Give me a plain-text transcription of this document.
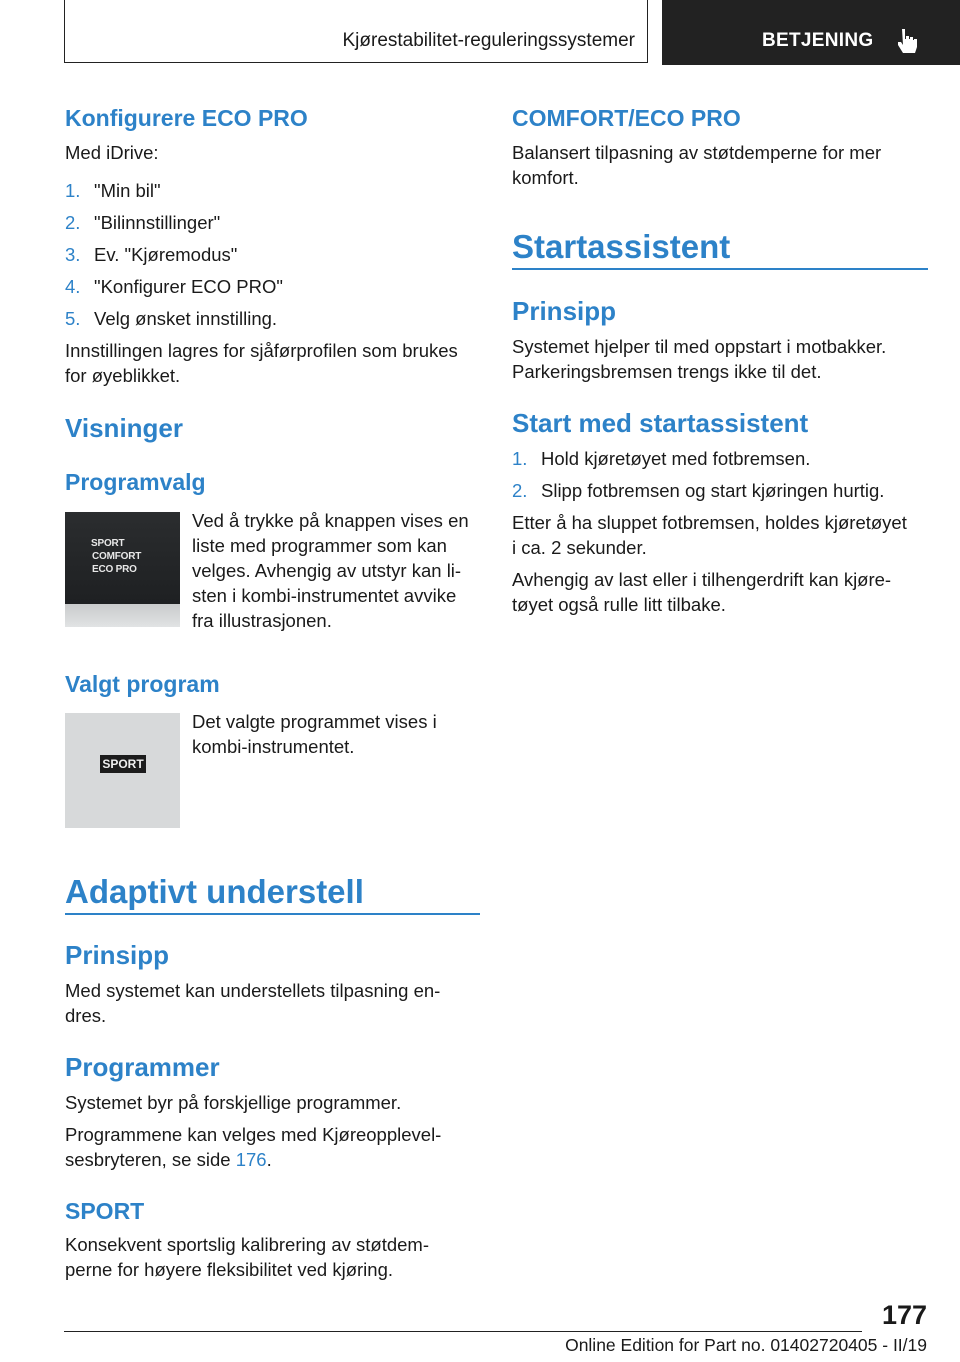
Kjørestabilitet-reguleringssystemer	BETJENING
Konfigurere ECO PRO

Med iDrive:

1. "Min bil"
2. "Bilinnstillinger"
3. Ev. "Kjøremodus"
4. "Konfigurer ECO PRO"
5. Velg ønsket innstilling.

Innstillingen lagres for sjåførprofilen som brukes

for øyeblikket.

Visninger
Programvalg
SPORT
COMFORT
ECO PRO

Ved å trykke på knappen vises en

liste med programmer som kan

velges. Avhengig av utstyr kan li-

sten i kombi-instrumentet avvike

fra illustrasjonen.

Valgt program
SPORT

Det valgte programmet vises i

kombi-instrumentet.

Adaptivt understell
Prinsipp

Med systemet kan understellets tilpasning en-

dres.

Programmer

Systemet byr på forskjellige programmer.

Programmene kan velges med Kjøreopplevel-

sesbryteren, se side 176.

SPORT

Konsekvent sportslig kalibrering av støtdem-

perne for høyere fleksibilitet ved kjøring.

COMFORT/ECO PRO

Balansert tilpasning av støtdemperne for mer

komfort.

Startassistent
Prinsipp

Systemet hjelper til med oppstart i motbakker.

Parkeringsbremsen trengs ikke til det.

Start med startassistent
1. Hold kjøretøyet med fotbremsen.
2. Slipp fotbremsen og start kjøringen hurtig.

Etter å ha sluppet fotbremsen, holdes kjøretøyet

i ca. 2 sekunder.

Avhengig av last eller i tilhengerdrift kan kjøre-

tøyet også rulle litt tilbake.

177
Online Edition for Part no. 01402720405 - II/19
